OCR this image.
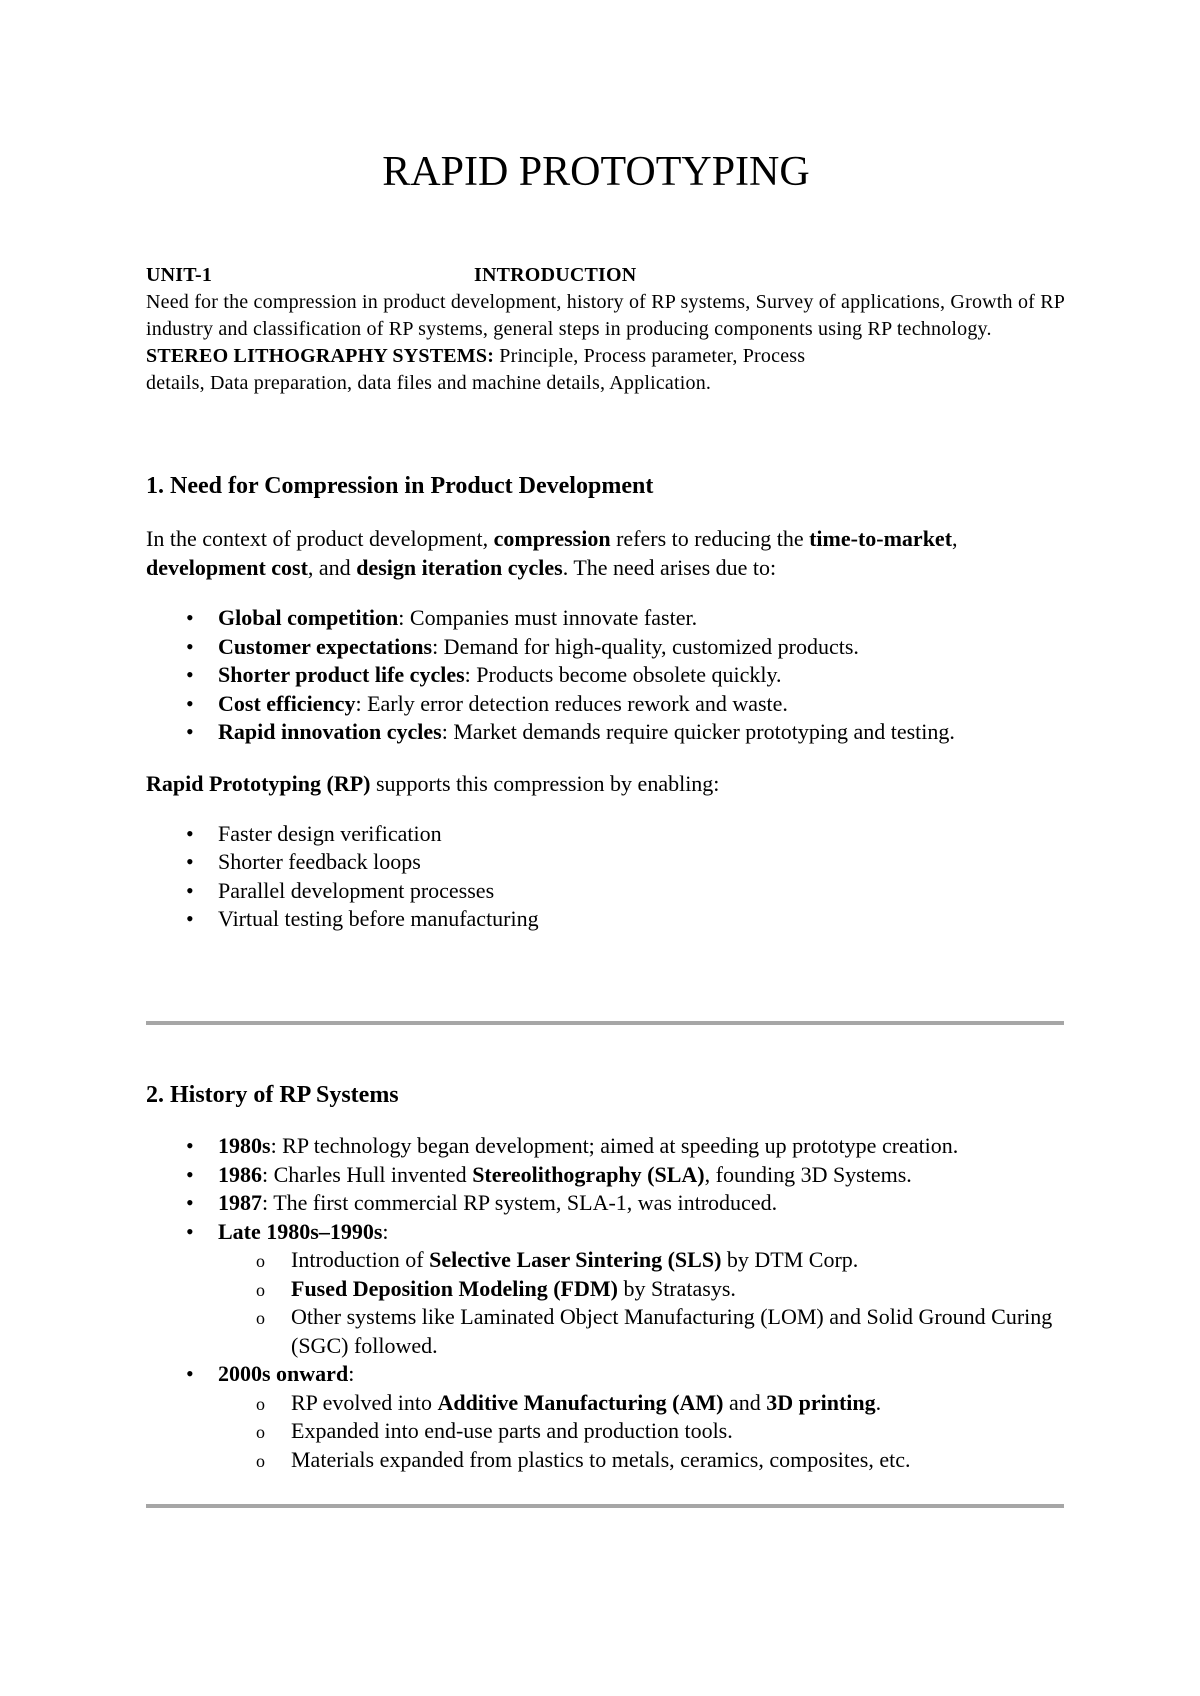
RAPID PROTOTYPING
UNIT-1	INTRODUCTION

Need for the compression in product development, history of RP systems, Survey of applications, Growth of RP industry and classification of RP systems, general steps in producing components using RP technology.

STEREO LITHOGRAPHY SYSTEMS: Principle, Process parameter, Process

details, Data preparation, data files and machine details, Application.

1. Need for Compression in Product Development

In the context of product development, compression refers to reducing the time-to-market, development cost, and design iteration cycles. The need arises due to:

• Global competition: Companies must innovate faster.
• Customer expectations: Demand for high-quality, customized products.
• Shorter product life cycles: Products become obsolete quickly.
• Cost efficiency: Early error detection reduces rework and waste.
• Rapid innovation cycles: Market demands require quicker prototyping and testing.

Rapid Prototyping (RP) supports this compression by enabling:

• Faster design verification
• Shorter feedback loops
• Parallel development processes
• Virtual testing before manufacturing
2. History of RP Systems
• 1980s: RP technology began development; aimed at speeding up prototype creation.
• 1986: Charles Hull invented Stereolithography (SLA), founding 3D Systems.
• 1987: The first commercial RP system, SLA-1, was introduced.
• Late 1980s–1990s:
o Introduction of Selective Laser Sintering (SLS) by DTM Corp.
o Fused Deposition Modeling (FDM) by Stratasys.
o Other systems like Laminated Object Manufacturing (LOM) and Solid Ground Curing (SGC) followed.
• 2000s onward:
o RP evolved into Additive Manufacturing (AM) and 3D printing.
o Expanded into end-use parts and production tools.
o Materials expanded from plastics to metals, ceramics, composites, etc.
